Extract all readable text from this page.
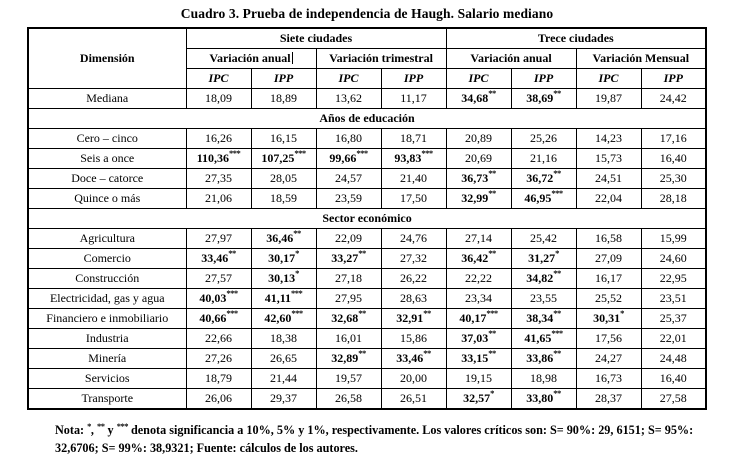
Cuadro 3. Prueba de independencia de Haugh. Salario mediano
Dimensión	Siete ciudades				Trece ciudades			
	Variación anual		Variación trimestral		Variación anual		Variación Mensual	
	IPC	IPP	IPC	IPP	IPC	IPP	IPC	IPP
Mediana	18,09	18,89	13,62	11,17	34,68**	38,69**	19,87	24,42
Años de educación								
Cero – cinco	16,26	16,15	16,80	18,71	20,89	25,26	14,23	17,16
Seis a once	110,36***	107,25***	99,66***	93,83***	20,69	21,16	15,73	16,40
Doce – catorce	27,35	28,05	24,57	21,40	36,73**	36,72**	24,51	25,30
Quince o más	21,06	18,59	23,59	17,50	32,99**	46,95***	22,04	28,18
Sector económico								
Agricultura	27,97	36,46**	22,09	24,76	27,14	25,42	16,58	15,99
Comercio	33,46**	30,17*	33,27**	27,32	36,42**	31,27*	27,09	24,60
Construcción	27,57	30,13*	27,18	26,22	22,22	34,82**	16,17	22,95
Electricidad, gas y agua	40,03***	41,11***	27,95	28,63	23,34	23,55	25,52	23,51
Financiero e inmobiliario	40,66***	42,60***	32,68**	32,91**	40,17***	38,34**	30,31*	25,37
Industria	22,66	18,38	16,01	15,86	37,03**	41,65***	17,56	22,01
Minería	27,26	26,65	32,89**	33,46**	33,15**	33,86**	24,27	24,48
Servicios	18,79	21,44	19,57	20,00	19,15	18,98	16,73	16,40
Transporte	26,06	29,37	26,58	26,51	32,57*	33,80**	28,37	27,58
Nota: *, ** y *** denota significancia a 10%, 5% y 1%, respectivamente. Los valores críticos son: S= 90%: 29, 6151; S= 95%: 32,6706; S= 99%: 38,9321; Fuente: cálculos de los autores.
